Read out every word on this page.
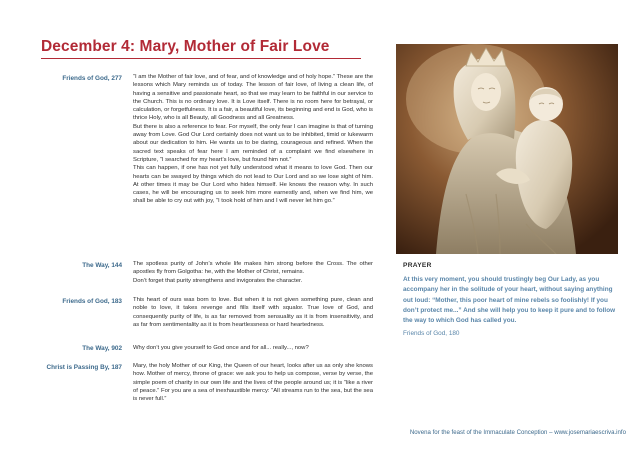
December 4: Mary, Mother of Fair Love
Friends of God, 277 “I am the Mother of fair love, and of fear, and of knowledge and of holy hope.” These are the lessons which Mary reminds us of today. The lesson of fair love, of living a clean life, of having a sensitive and passionate heart, so that we may learn to be faithful in our service to the Church. This is no ordinary love. It is Love itself. There is no room here for betrayal, or calculation, or forgetfulness. It is a fair, a beautiful love, its beginning and end is God, who is thrice Holy, who is all Beauty, all Goodness and all Greatness.

But there is also a reference to fear. For myself, the only fear I can imagine is that of turning away from Love. God Our Lord certainly does not want us to be inhibited, timid or lukewarm about our dedication to him. He wants us to be daring, courageous and refined. When the sacred text speaks of fear here I am reminded of a complaint we find elsewhere in Scripture, “I searched for my heart’s love, but found him not.”

This can happen, if one has not yet fully understood what it means to love God. Then our hearts can be swayed by things which do not lead to Our Lord and so we lose sight of him. At other times it may be Our Lord who hides himself. He knows the reason why. In such cases, he will be encouraging us to seek him more earnestly and, when we find him, we shall be able to cry out with joy, “I took hold of him and I will never let him go.”

The Way, 144 The spotless purity of John’s whole life makes him strong before the Cross. The other apostles fly from Golgotha: he, with the Mother of Christ, remains.

Don’t forget that purity strengthens and invigorates the character.

Friends of God, 183 This heart of ours was born to love. But when it is not given something pure, clean and noble to love, it takes revenge and fills itself with squalor. True love of God, and consequently purity of life, is as far removed from sensuality as it is from insensitivity, and as far from sentimentality as it is from heartlessness or hard heartedness.

The Way, 902 Why don’t you give yourself to God once and for all... really..., now?

Christ is Passing By, 187 Mary, the holy Mother of our King, the Queen of our heart, looks after us as only she knows how. Mother of mercy, throne of grace: we ask you to help us compose, verse by verse, the simple poem of charity in our own life and the lives of the people around us; it is “like a river of peace.” For you are a sea of inexhaustible mercy: “All streams run to the sea, but the sea is never full.”

PRAYER
At this very moment, you should trustingly beg Our Lady, as you accompany her in the solitude of your heart, without saying anything out loud: “Mother, this poor heart of mine rebels so foolishly! If you don’t protect me...” And she will help you to keep it pure and to follow the way to which God has called you.
Friends of God, 180
Novena for the feast of the Immaculate Conception – www.josemariaescriva.info
